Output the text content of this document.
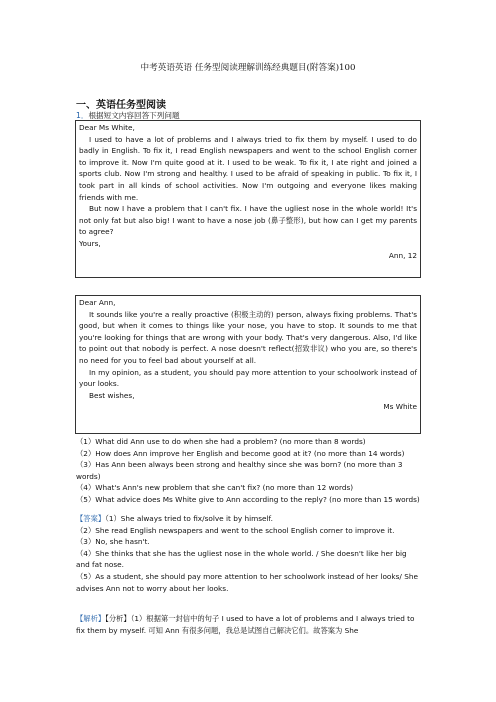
中考英语英语 任务型阅读理解训练经典题目(附答案)100
一、英语任务型阅读
1．根据短文内容回答下列问题
Dear Ms White,
I used to have a lot of problems and I always tried to fix them by myself. I used to do badly in English. To fix it, I read English newspapers and went to the school English corner to improve it. Now I'm quite good at it. I used to be weak. To fix it, I ate right and joined a sports club. Now I'm strong and healthy. I used to be afraid of speaking in public. To fix it, I took part in all kinds of school activities. Now I'm outgoing and everyone likes making friends with me.
But now I have a problem that I can't fix. I have the ugliest nose in the whole world! It's not only fat but also big! I want to have a nose job (鼻子整形), but how can I get my parents to agree?
Yours,
Ann, 12
Dear Ann,
It sounds like you're a really proactive (积极主动的) person, always fixing problems. That's good, but when it comes to things like your nose, you have to stop. It sounds to me that you're looking for things that are wrong with your body. That's very dangerous. Also, I'd like to point out that nobody is perfect. A nose doesn't reflect(招致非议) who you are, so there's no need for you to feel bad about yourself at all.
In my opinion, as a student, you should pay more attention to your schoolwork instead of your looks.
Best wishes,
Ms White
（1）What did Ann use to do when she had a problem? (no more than 8 words)
（2）How does Ann improve her English and become good at it? (no more than 14 words)
（3）Has Ann been always been strong and healthy since she was born? (no more than 3 words)
（4）What's Ann's new problem that she can't fix? (no more than 12 words)
（5）What advice does Ms White give to Ann according to the reply? (no more than 15 words)
【答案】（1）She always tried to fix/solve it by himself.
（2）She read English newspapers and went to the school English corner to improve it.
（3）No, she hasn't.
（4）She thinks that she has the ugliest nose in the whole world. / She doesn't like her big and fat nose.
（5）As a student, she should pay more attention to her schoolwork instead of her looks/ She advises Ann not to worry about her looks.
【解析】【分析】（1）根据第一封信中的句子 I used to have a lot of problems and I always tried to fix them by myself. 可知 Ann 有很多问题，我总是试图自己解决它们。故答案为 She
